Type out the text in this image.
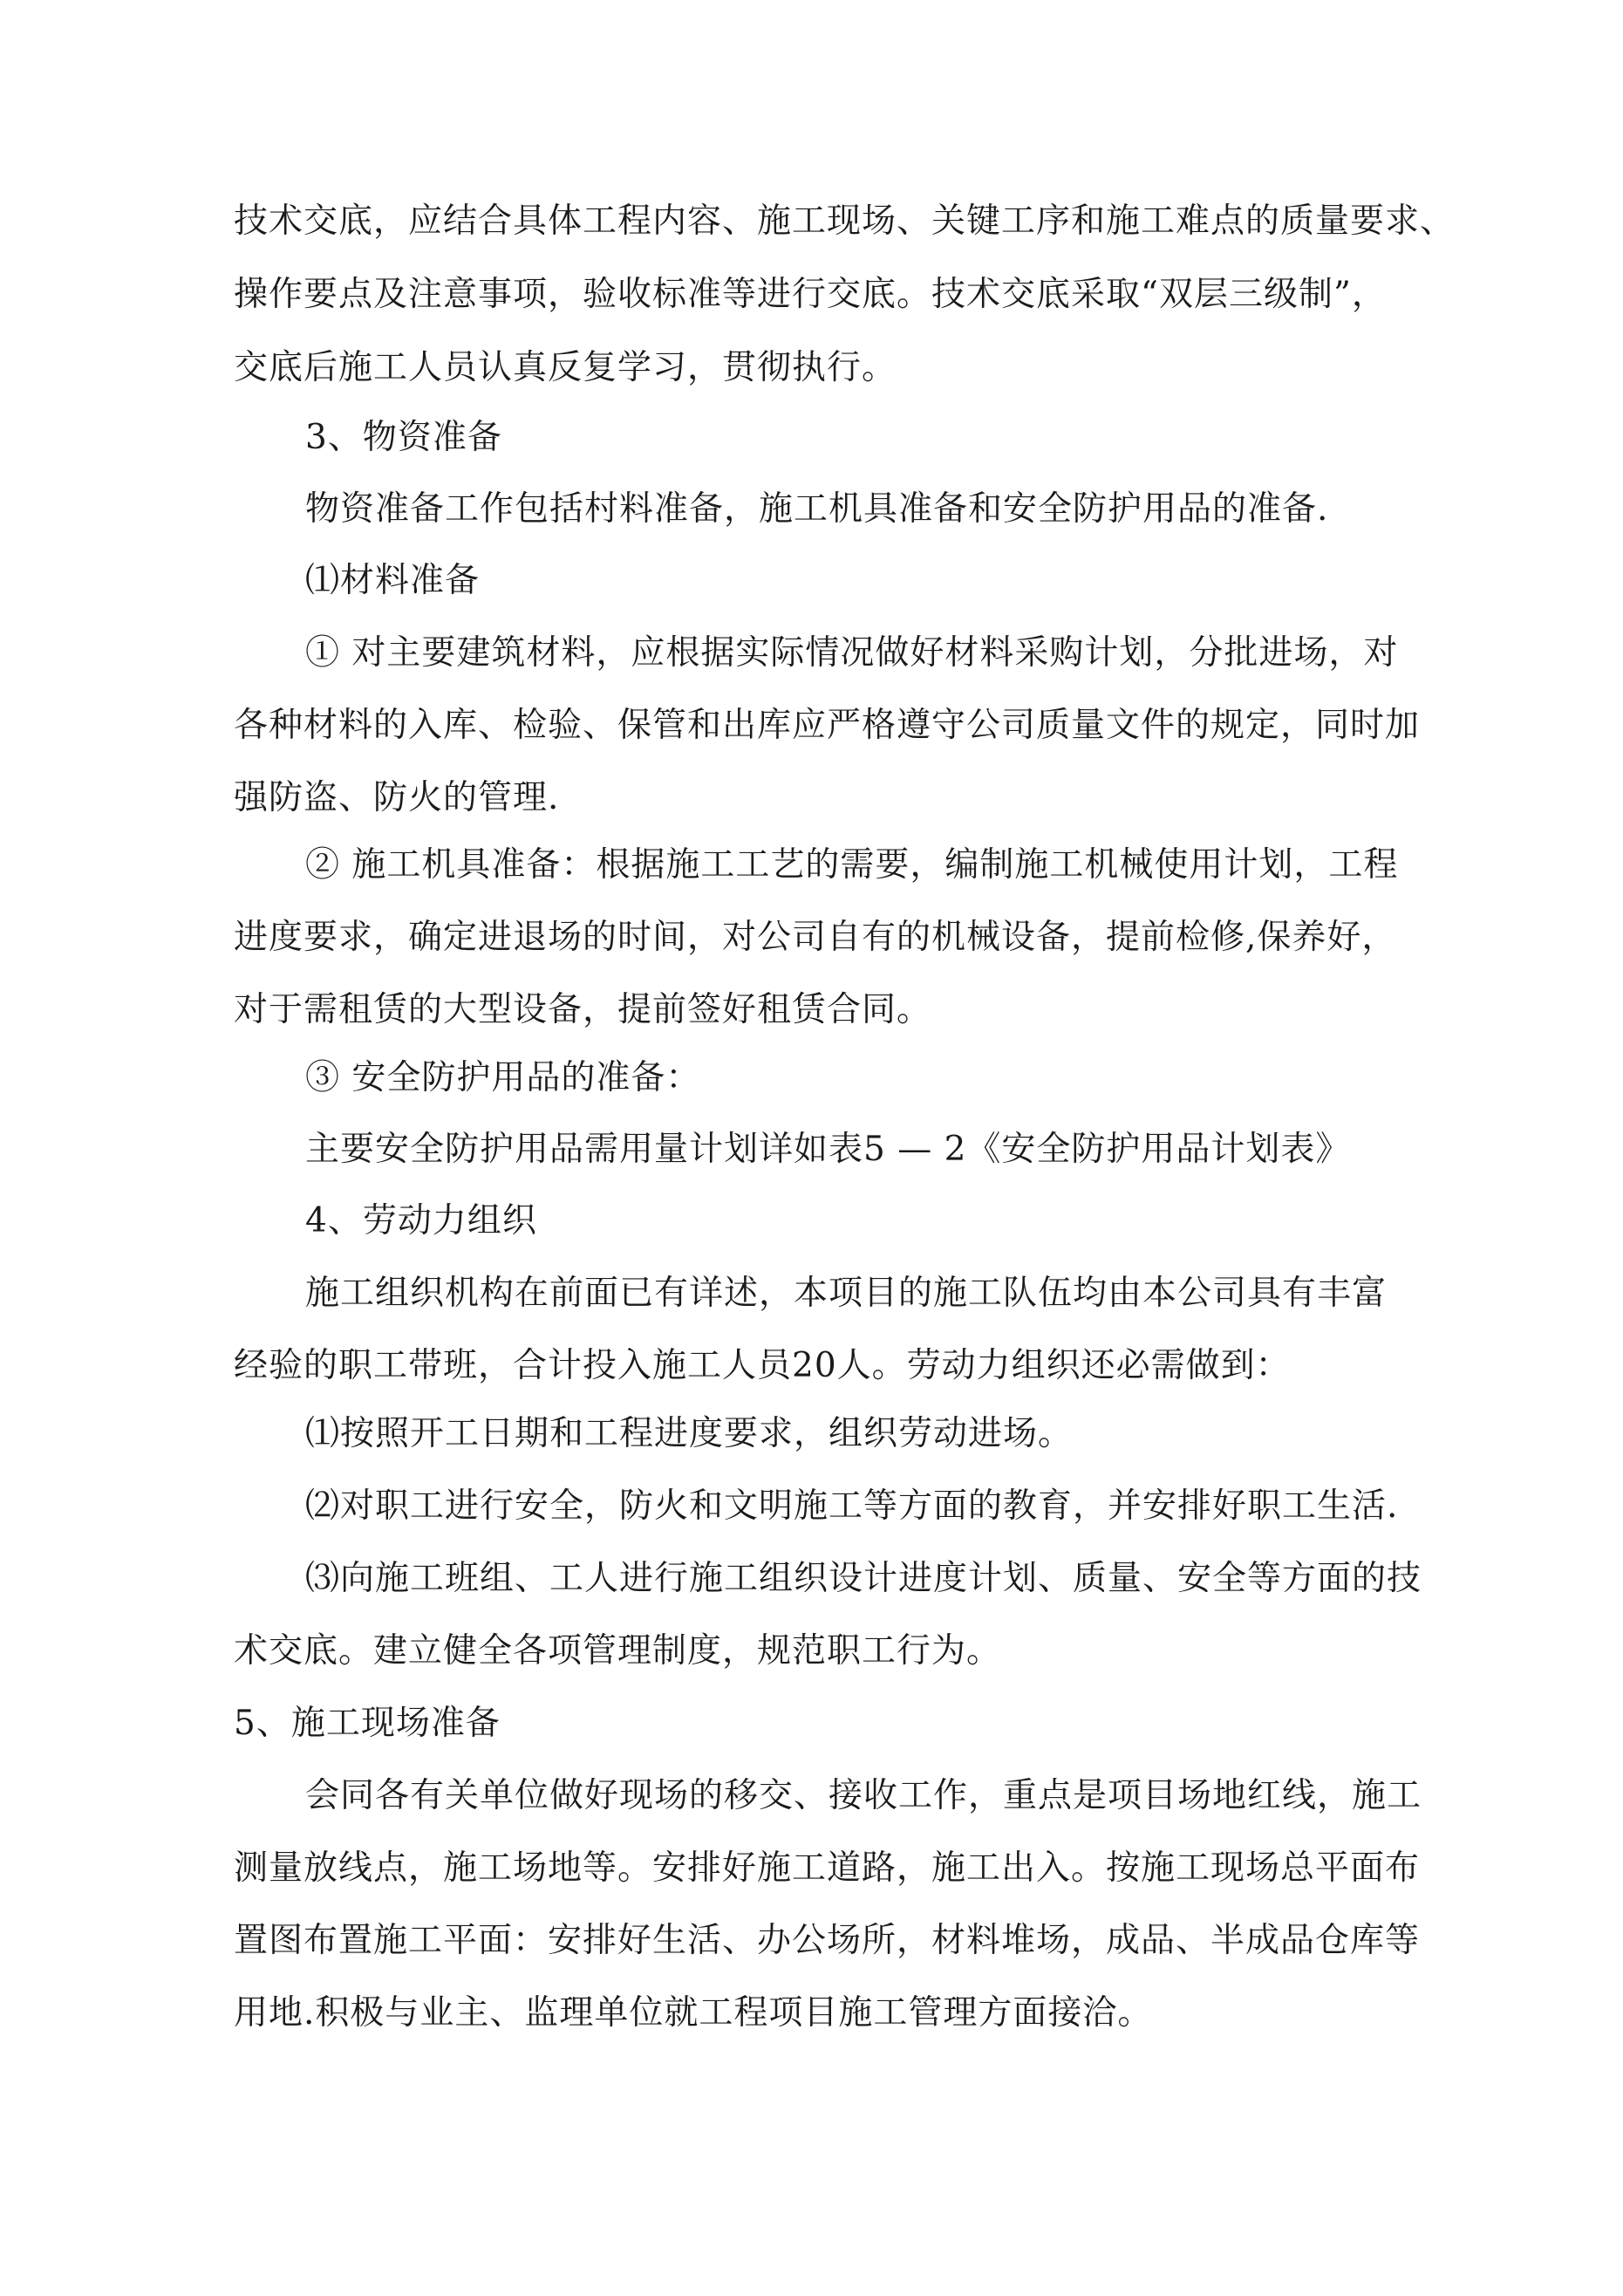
技术交底，应结合具体工程内容、施工现场、关键工序和施工难点的质量要求、
操作要点及注意事项，验收标准等进行交底。技术交底采取“双层三级制”，
交底后施工人员认真反复学习，贯彻执行。
3、物资准备
物资准备工作包括村料准备，施工机具准备和安全防护用品的准备.
⑴材料准备
① 对主要建筑材料，应根据实际情况做好材料采购计划，分批进场，对
各种材料的入库、检验、保管和出库应严格遵守公司质量文件的规定，同时加
强防盗、防火的管理.
② 施工机具准备：根据施工工艺的需要，编制施工机械使用计划，工程
进度要求，确定进退场的时间，对公司自有的机械设备，提前检修,保养好，
对于需租赁的大型设备，提前签好租赁合同。
③ 安全防护用品的准备：
主要安全防护用品需用量计划详如表5 — 2《安全防护用品计划表》
4、劳动力组织
施工组织机构在前面已有详述，本项目的施工队伍均由本公司具有丰富
经验的职工带班，合计投入施工人员20人。劳动力组织还必需做到：
⑴按照开工日期和工程进度要求，组织劳动进场。
⑵对职工进行安全，防火和文明施工等方面的教育，并安排好职工生活.
⑶向施工班组、工人进行施工组织设计进度计划、质量、安全等方面的技
术交底。建立健全各项管理制度，规范职工行为。
5、施工现场准备
会同各有关单位做好现场的移交、接收工作，重点是项目场地红线，施工
测量放线点，施工场地等。安排好施工道路，施工出入。按施工现场总平面布
置图布置施工平面：安排好生活、办公场所，材料堆场，成品、半成品仓库等
用地.积极与业主、监理单位就工程项目施工管理方面接洽。
